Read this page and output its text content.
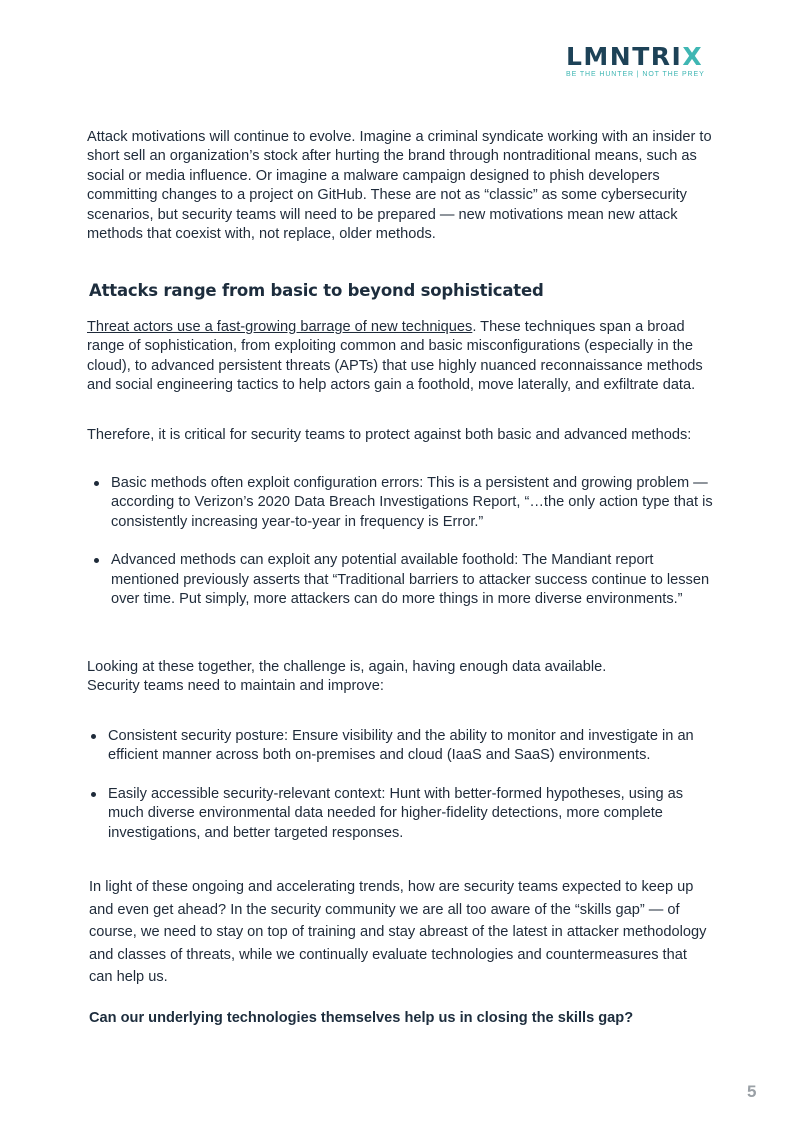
LMNTRIX
BE THE HUNTER | NOT THE PREY

Attack motivations will continue to evolve. Imagine a criminal syndicate working with an insider to short sell an organization’s stock after hurting the brand through nontraditional means, such as social or media influence. Or imagine a malware campaign designed to phish developers committing changes to a project on GitHub. These are not as “classic” as some cybersecurity scenarios, but security teams will need to be prepared — new motivations mean new attack methods that coexist with, not replace, older methods.

Attacks range from basic to beyond sophisticated

Threat actors use a fast-growing barrage of new techniques. These techniques span a broad range of sophistication, from exploiting common and basic misconfigurations (especially in the cloud), to advanced persistent threats (APTs) that use highly nuanced reconnaissance methods and social engineering tactics to help actors gain a foothold, move laterally, and exfiltrate data.

Therefore, it is critical for security teams to protect against both basic and advanced methods:

Basic methods often exploit configuration errors: This is a persistent and growing problem — according to Verizon’s 2020 Data Breach Investigations Report, “…the only action type that is consistently increasing year-to-year in frequency is Error.”
Advanced methods can exploit any potential available foothold: The Mandiant report mentioned previously asserts that “Traditional barriers to attacker success continue to lessen over time. Put simply, more attackers can do more things in more diverse environments.”

Looking at these together, the challenge is, again, having enough data available.
Security teams need to maintain and improve:

Consistent security posture: Ensure visibility and the ability to monitor and investigate in an efficient manner across both on-premises and cloud (IaaS and SaaS) environments.
Easily accessible security-relevant context: Hunt with better-formed hypotheses, using as much diverse environmental data needed for higher-fidelity detections, more complete investigations, and better targeted responses.

In light of these ongoing and accelerating trends, how are security teams expected to keep up and even get ahead? In the security community we are all too aware of the “skills gap” — of course, we need to stay on top of training and stay abreast of the latest in attacker methodology and classes of threats, while we continually evaluate technologies and countermeasures that can help us.

Can our underlying technologies themselves help us in closing the skills gap?

5
